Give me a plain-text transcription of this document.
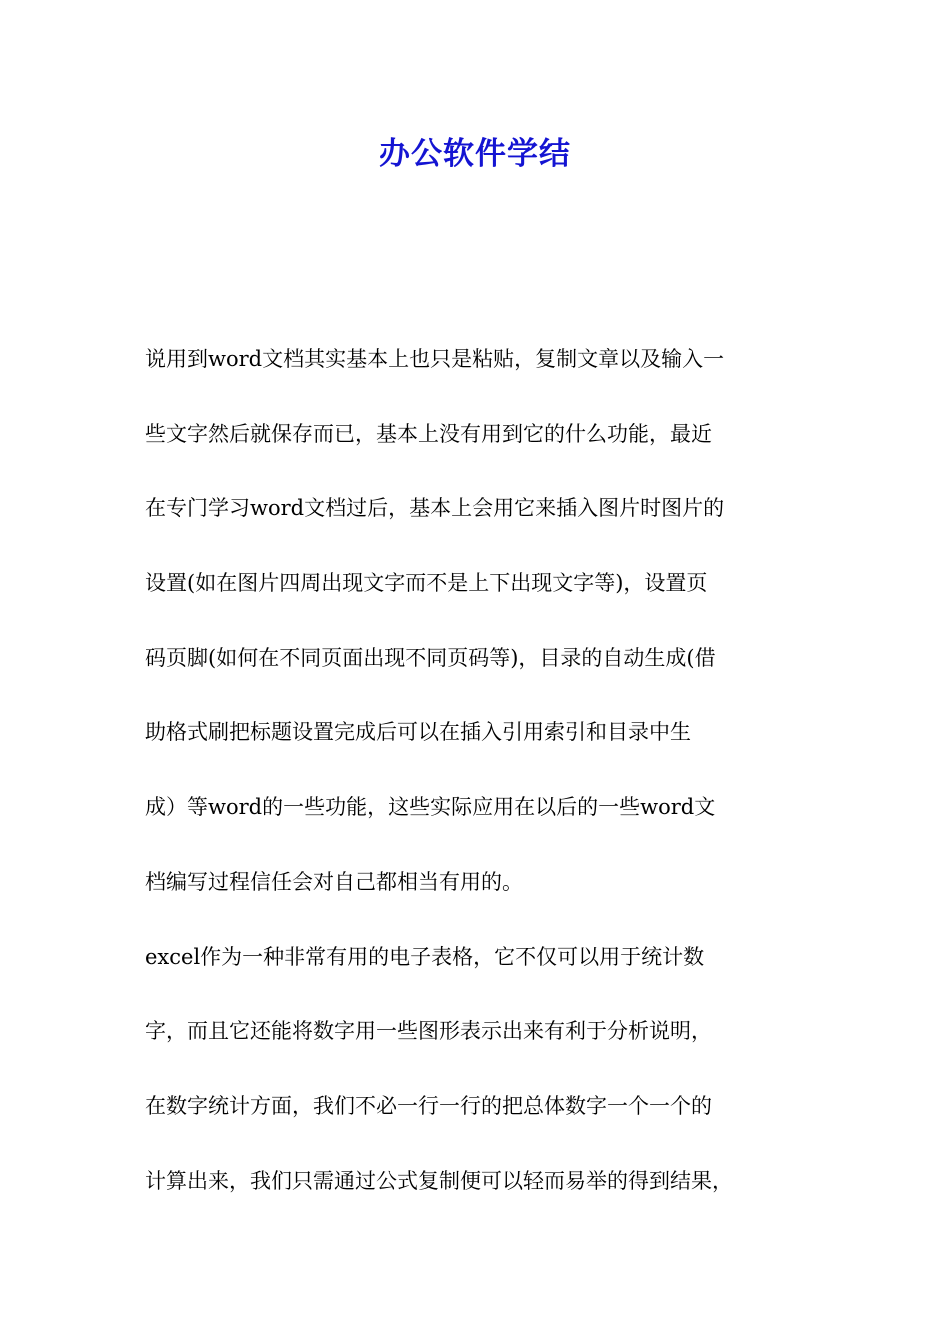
办公软件学结
说用到word文档其实基本上也只是粘贴，复制文章以及输入一
些文字然后就保存而已，基本上没有用到它的什么功能，最近
在专门学习word文档过后，基本上会用它来插入图片时图片的
设置(如在图片四周出现文字而不是上下出现文字等)，设置页
码页脚(如何在不同页面出现不同页码等)，目录的自动生成(借
助格式刷把标题设置完成后可以在插入引用索引和目录中生
成）等word的一些功能，这些实际应用在以后的一些word文
档编写过程信任会对自己都相当有用的。
excel作为一种非常有用的电子表格，它不仅可以用于统计数
字，而且它还能将数字用一些图形表示出来有利于分析说明，
在数字统计方面，我们不必一行一行的把总体数字一个一个的
计算出来，我们只需通过公式复制便可以轻而易举的得到结果，
